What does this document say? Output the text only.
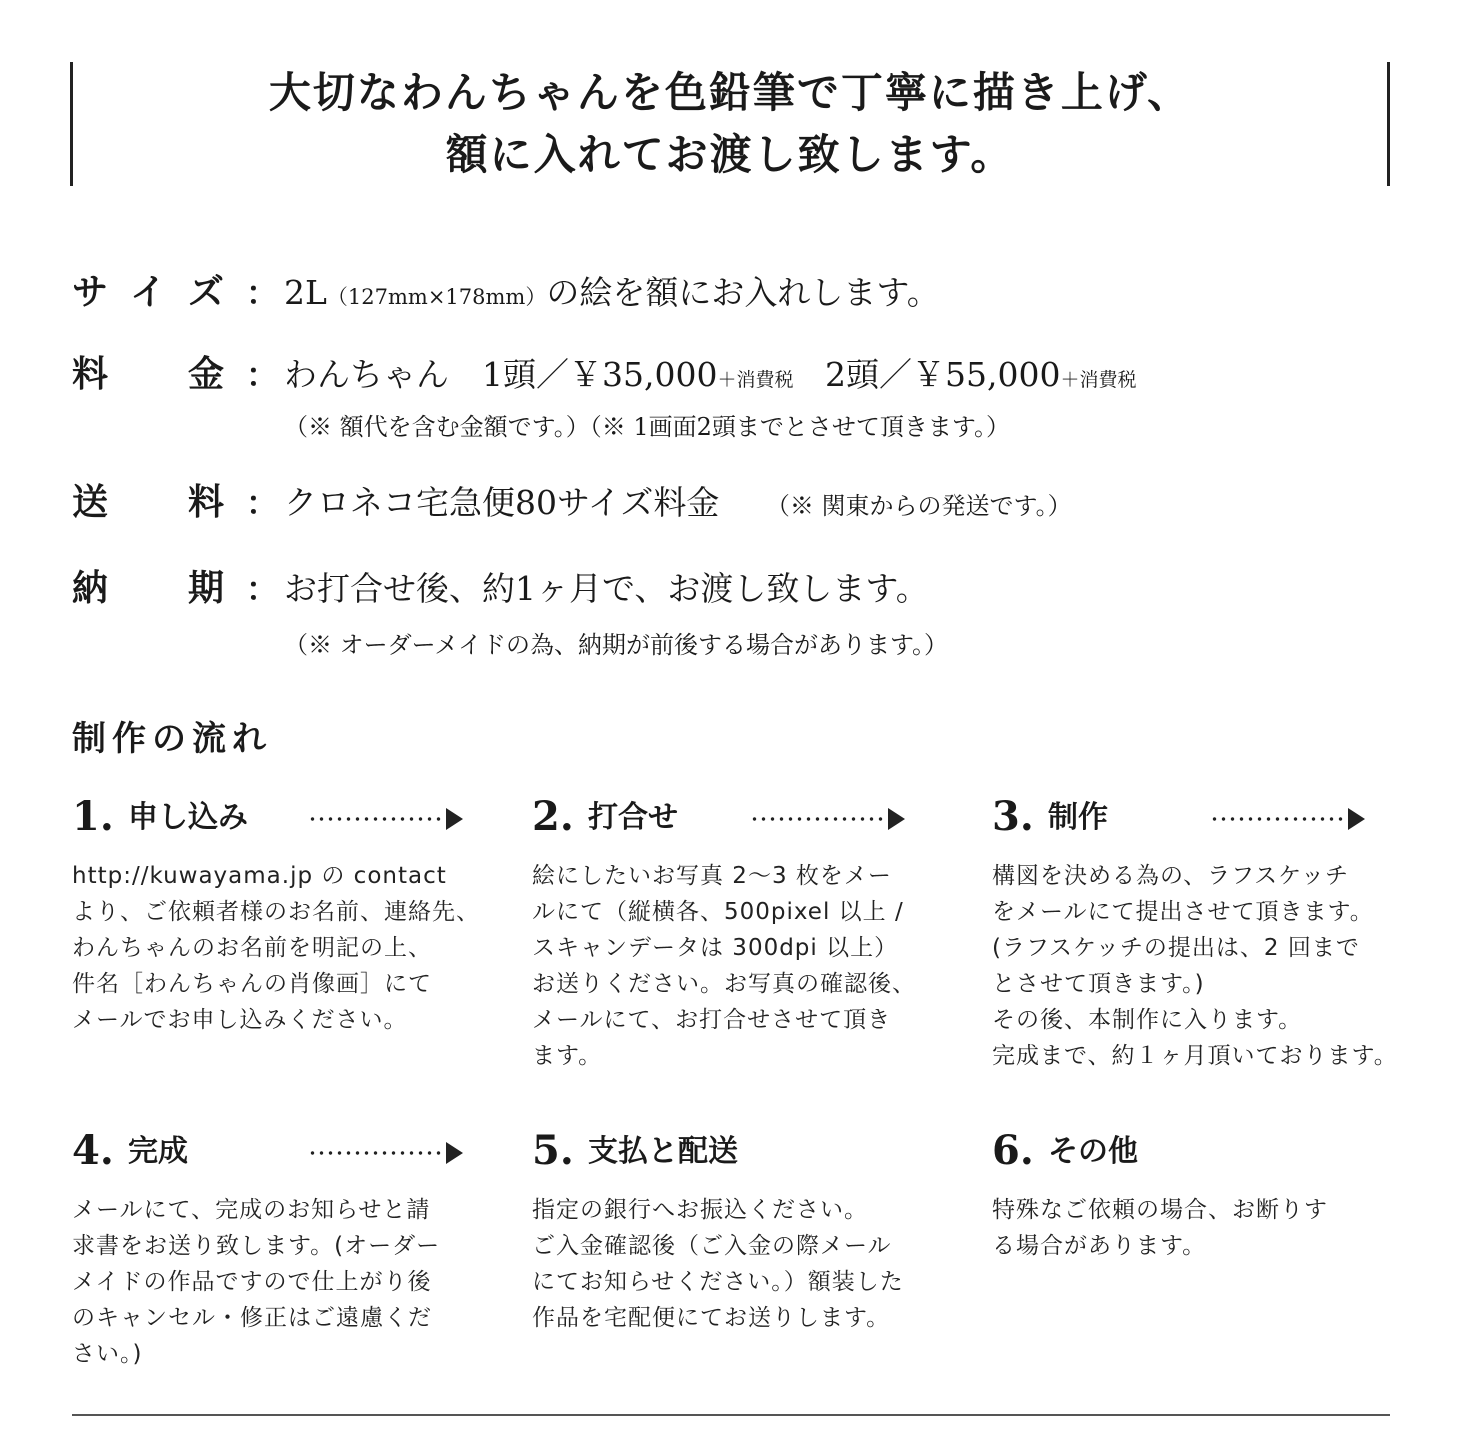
大切なわんちゃんを色鉛筆で丁寧に描き上げ、
額に入れてお渡し致します。
サ イ ズ ： 2L（127mm×178mm）の絵を額にお入れします。
料 金 ： わんちゃん　1頭／￥35,000＋消費税 2頭／￥55,000＋消費税
（※ 額代を含む金額です。）（※ 1画面2頭までとさせて頂きます。）
送 料 ： クロネコ宅急便80サイズ料金 （※ 関東からの発送です。）
納 期 ： お打合せ後、約1ヶ月で、お渡し致します。
（※ オーダーメイドの為、納期が前後する場合があります。）
制作の流れ
1. 申し込み
http://kuwayama.jp の contact
より、ご依頼者様のお名前、連絡先、
わんちゃんのお名前を明記の上、
件名［わんちゃんの肖像画］にて
メールでお申し込みください。
2. 打合せ
絵にしたいお写真 2〜3 枚をメー
ルにて（縦横各、500pixel 以上 /
スキャンデータは 300dpi 以上）
お送りください。お写真の確認後、
メールにて、お打合せさせて頂き
ます。
3. 制作
構図を決める為の、ラフスケッチ
をメールにて提出させて頂きます。
(ラフスケッチの提出は、2 回まで
とさせて頂きます。)
その後、本制作に入ります。
完成まで、約１ヶ月頂いております。
4. 完成
メールにて、完成のお知らせと請
求書をお送り致します。(オーダー
メイドの作品ですので仕上がり後
のキャンセル・修正はご遠慮くだ
さい。)
5. 支払と配送
指定の銀行へお振込ください。
ご入金確認後（ご入金の際メール
にてお知らせください。）額装した
作品を宅配便にてお送りします。
6. その他
特殊なご依頼の場合、お断りす
る場合があります。
